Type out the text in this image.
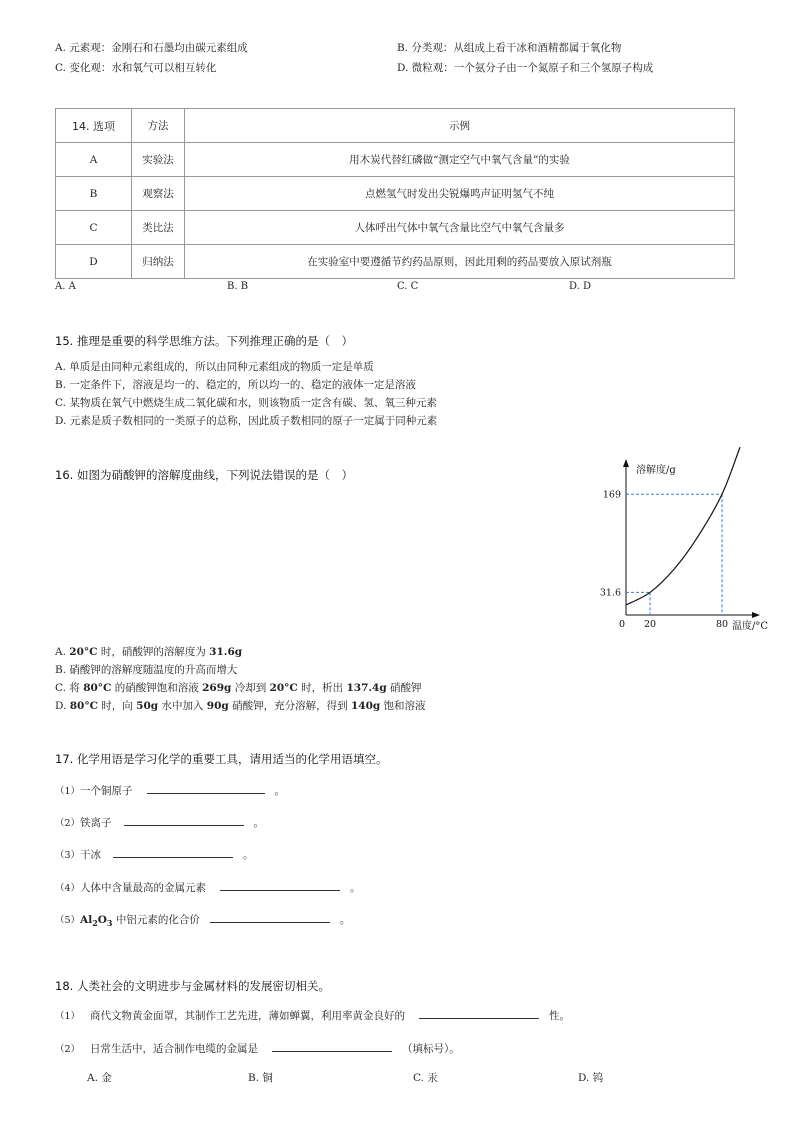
A. 元素观：金刚石和石墨均由碳元素组成	B. 分类观：从组成上看干冰和酒精都属于氧化物
C. 变化观：水和氧气可以相互转化	D. 微粒观：一个氨分子由一个氮原子和三个氢原子构成
14. 选项	方法	示例
A	实验法	用木炭代替红磷做“测定空气中氧气含量”的实验
B	观察法	点燃氢气时发出尖锐爆鸣声证明氢气不纯
C	类比法	人体呼出气体中氧气含量比空气中氧气含量多
D	归纳法	在实验室中要遵循节约药品原则，因此用剩的药品要放入原试剂瓶
A. A	B. B	C. C	D. D
15. 推理是重要的科学思维方法。下列推理正确的是（　）
A. 单质是由同种元素组成的，所以由同种元素组成的物质一定是单质
B. 一定条件下，溶液是均一的、稳定的，所以均一的、稳定的液体一定是溶液
C. 某物质在氧气中燃烧生成二氧化碳和水，则该物质一定含有碳、氢、氧三种元素
D. 元素是质子数相同的一类原子的总称，因此质子数相同的原子一定属于同种元素
16. 如图为硝酸钾的溶解度曲线，下列说法错误的是（　）	溶解度/g
温度/°C
0 20	80
31.6
169
A. 20°C 时，硝酸钾的溶解度为 31.6g
B. 硝酸钾的溶解度随温度的升高而增大
C. 将 80°C 的硝酸钾饱和溶液 269g 冷却到 20°C 时，析出 137.4g 硝酸钾
D. 80°C 时，向 50g 水中加入 90g 硝酸钾，充分溶解，得到 140g 饱和溶液
17. 化学用语是学习化学的重要工具，请用适当的化学用语填空。
（1）一个铜原子	。
（2）铁离子	。
（3）干冰	。
（4）人体中含量最高的金属元素	。
$(5)Al_2O_3$ 中铝元素的化合价	。
18. 人类社会的文明进步与金属材料的发展密切相关。
（1） 商代文物黄金面罩，其制作工艺先进，薄如蝉翼，利用率黄金良好的	性。
（2） 日常生活中，适合制作电缆的金属是	（填标号）。
A. 金	B. 铜	C. 汞	D. 钨
